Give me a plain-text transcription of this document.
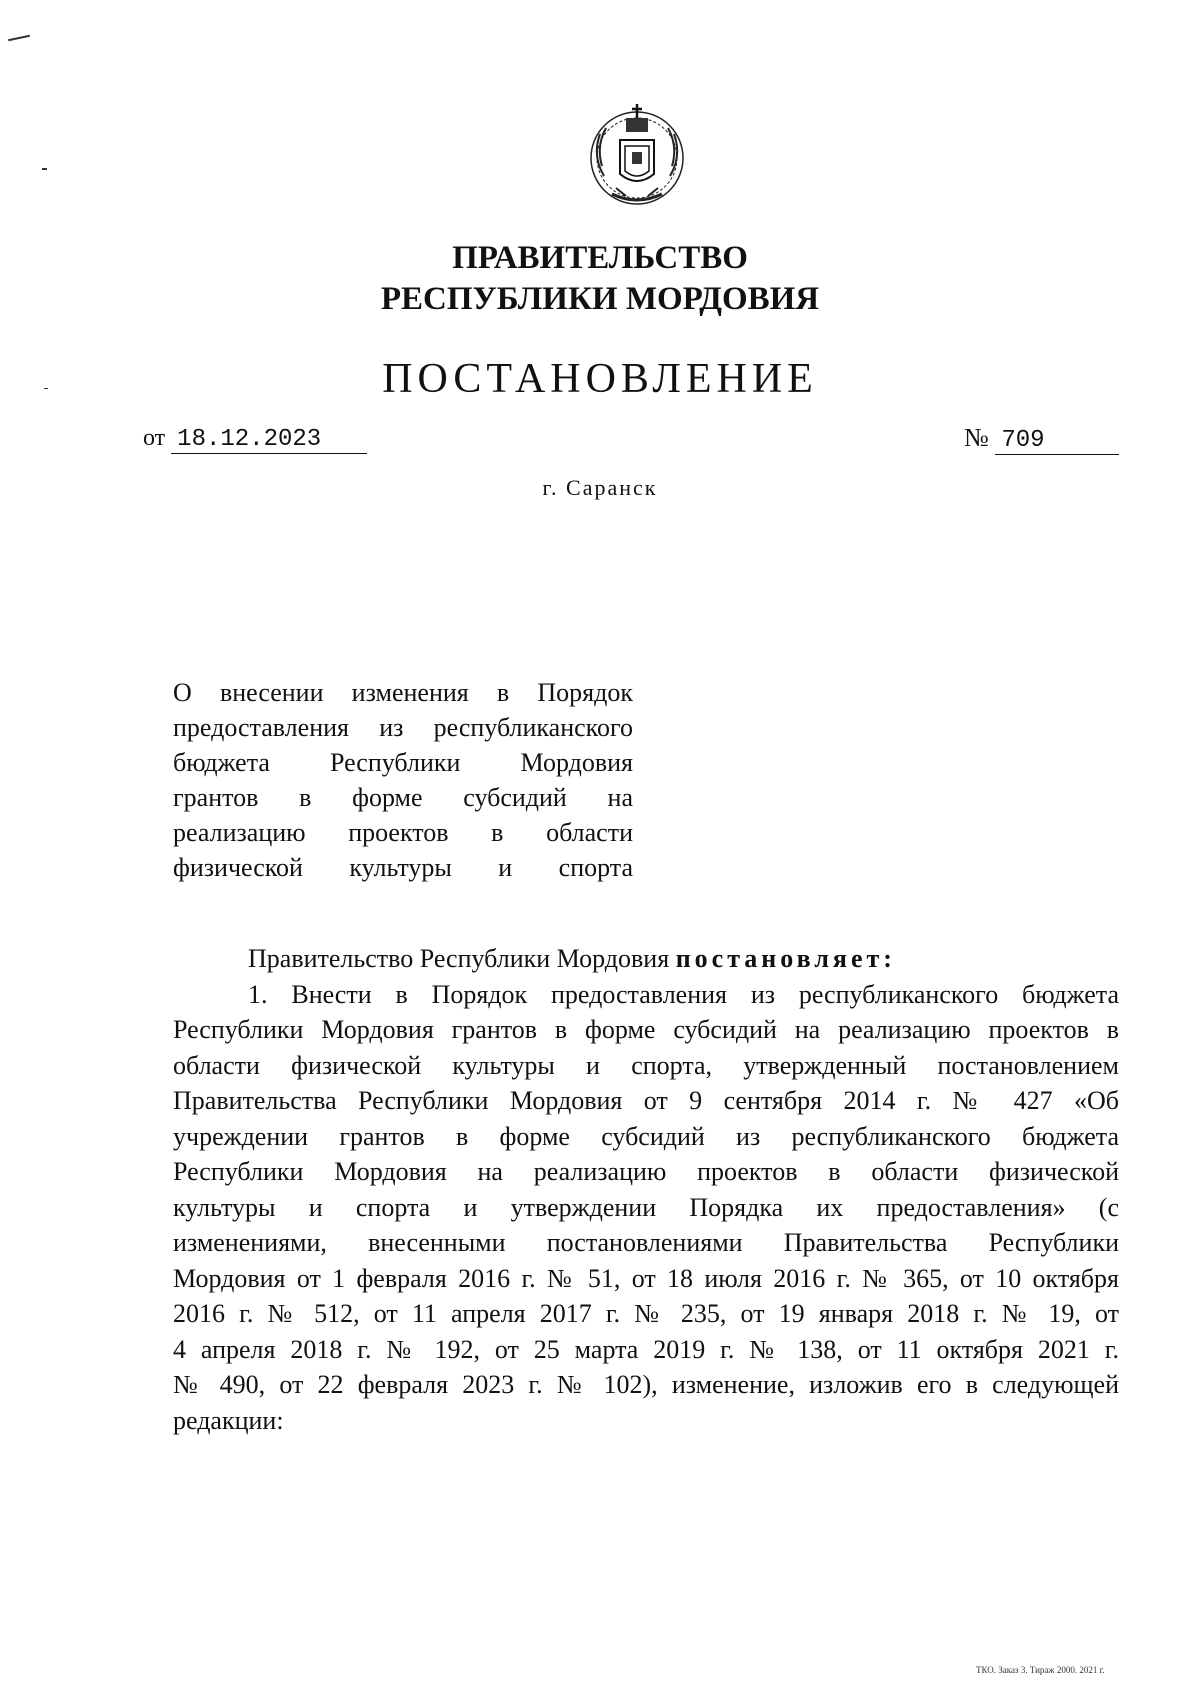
ПРАВИТЕЛЬСТВО
РЕСПУБЛИКИ МОРДОВИЯ
ПОСТАНОВЛЕНИЕ
от 18.12.2023	№ 709
г. Саранск
О внесении изменения в Порядок
предоставления из республиканского
бюджета Республики Мордовия
грантов в форме субсидий на
реализацию проектов в области
физической культуры и спорта
Правительство Республики Мордовия постановляет:
1. Внести в Порядок предоставления из республиканского бюджета
Республики Мордовия грантов в форме субсидий на реализацию проектов в
области физической культуры и спорта, утвержденный постановлением
Правительства Республики Мордовия от 9 сентября 2014 г. № 427 «Об
учреждении грантов в форме субсидий из республиканского бюджета
Республики Мордовия на реализацию проектов в области физической
культуры и спорта и утверждении Порядка их предоставления» (с
изменениями, внесенными постановлениями Правительства Республики
Мордовия от 1 февраля 2016 г. № 51, от 18 июля 2016 г. № 365, от 10 октября
2016 г. № 512, от 11 апреля 2017 г. № 235, от 19 января 2018 г. № 19, от
4 апреля 2018 г. № 192, от 25 марта 2019 г. № 138, от 11 октября 2021 г.
№ 490, от 22 февраля 2023 г. № 102), изменение, изложив его в следующей
редакции:
ТКО. Заказ 3. Тираж 2000. 2021 г.
